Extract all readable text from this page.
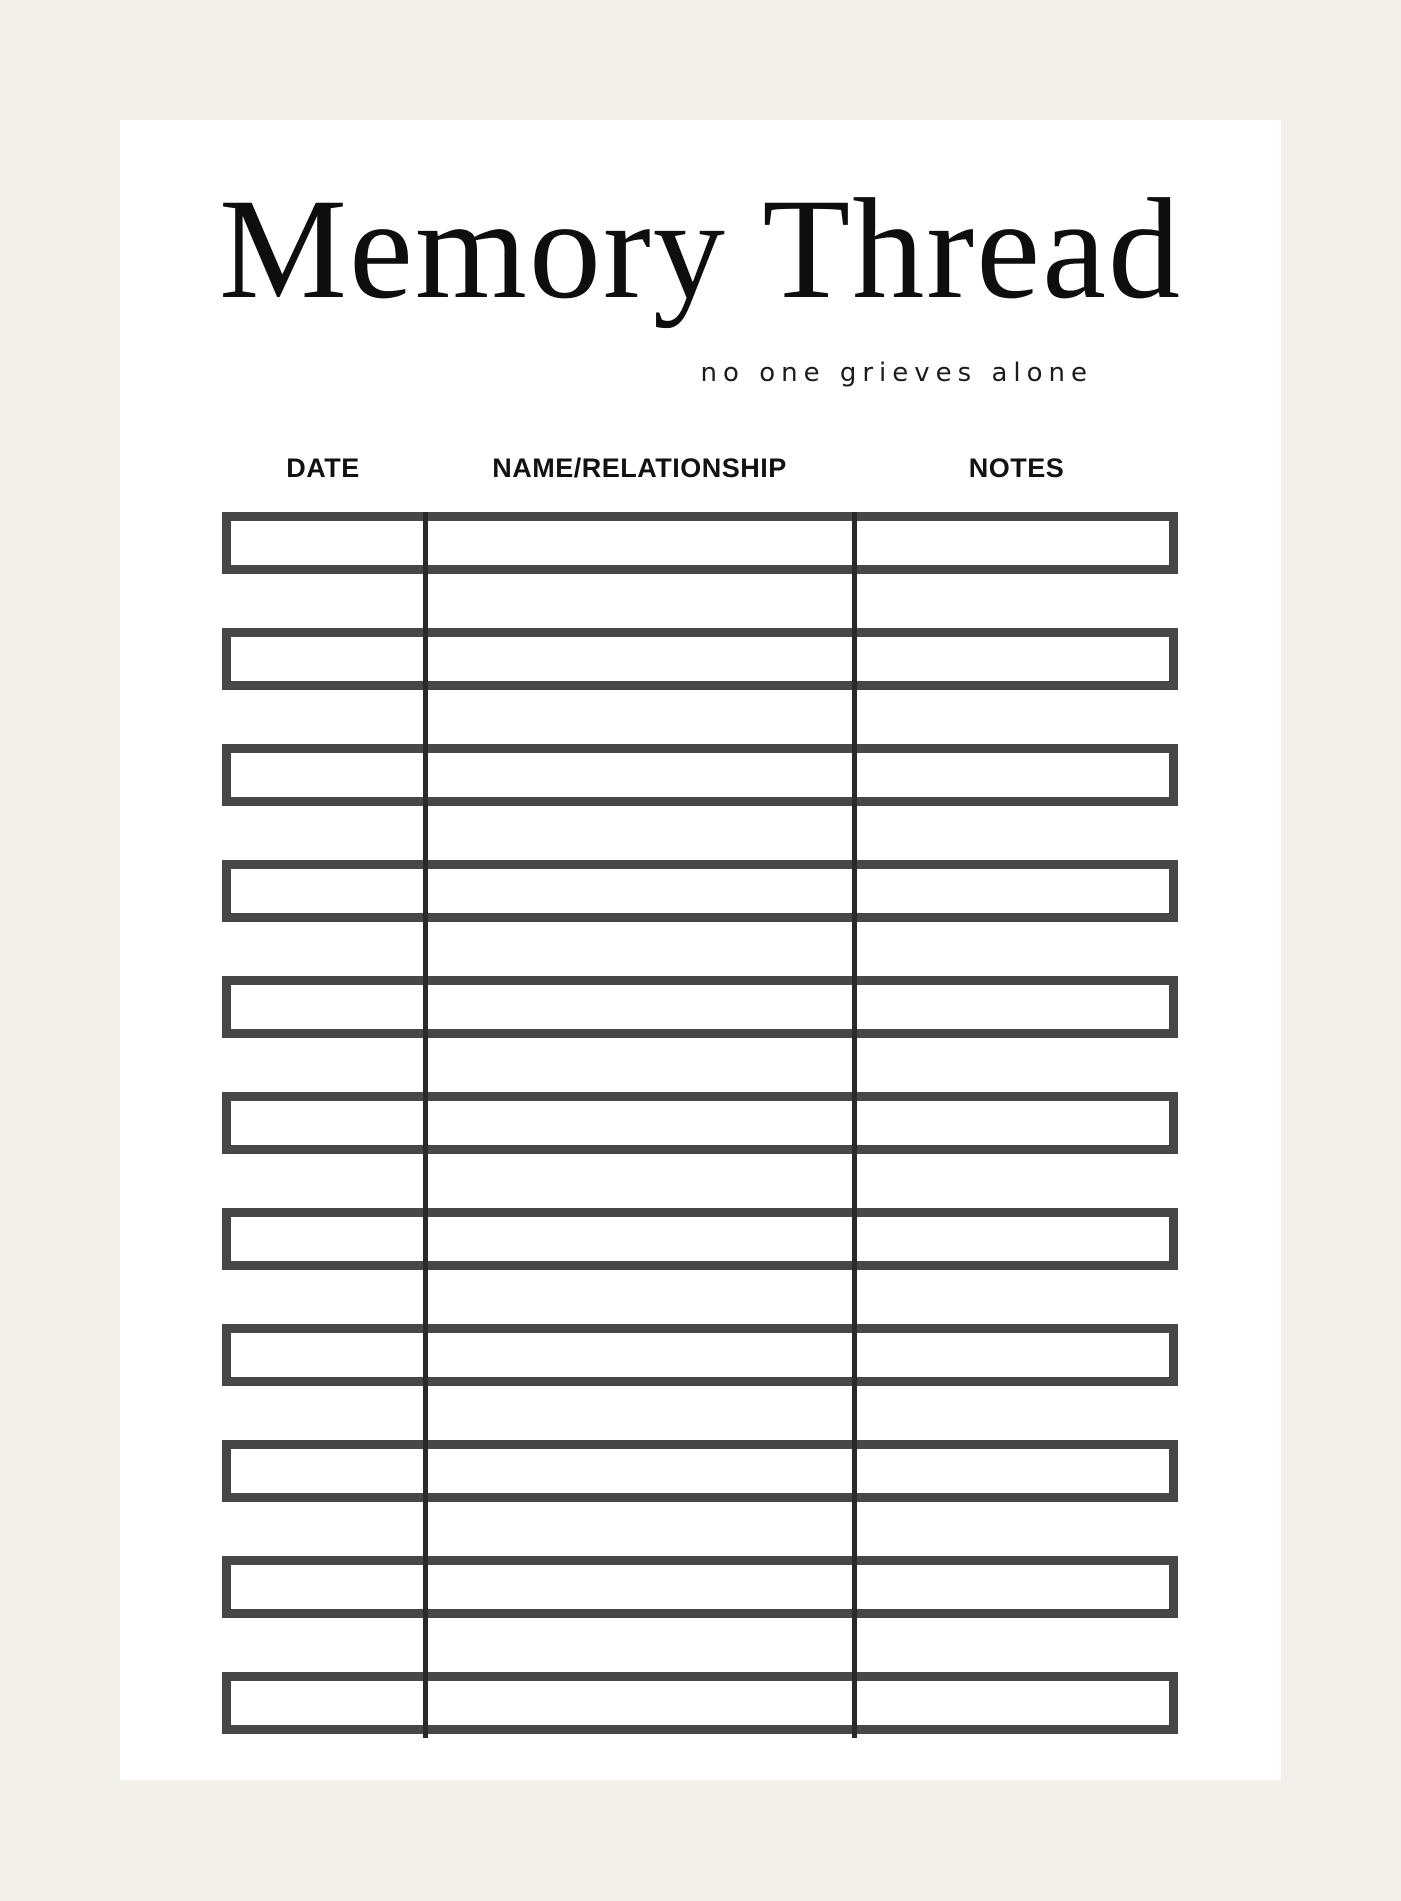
Memory Thread
no one grieves alone
DATE	NAME/RELATIONSHIP	NOTES
